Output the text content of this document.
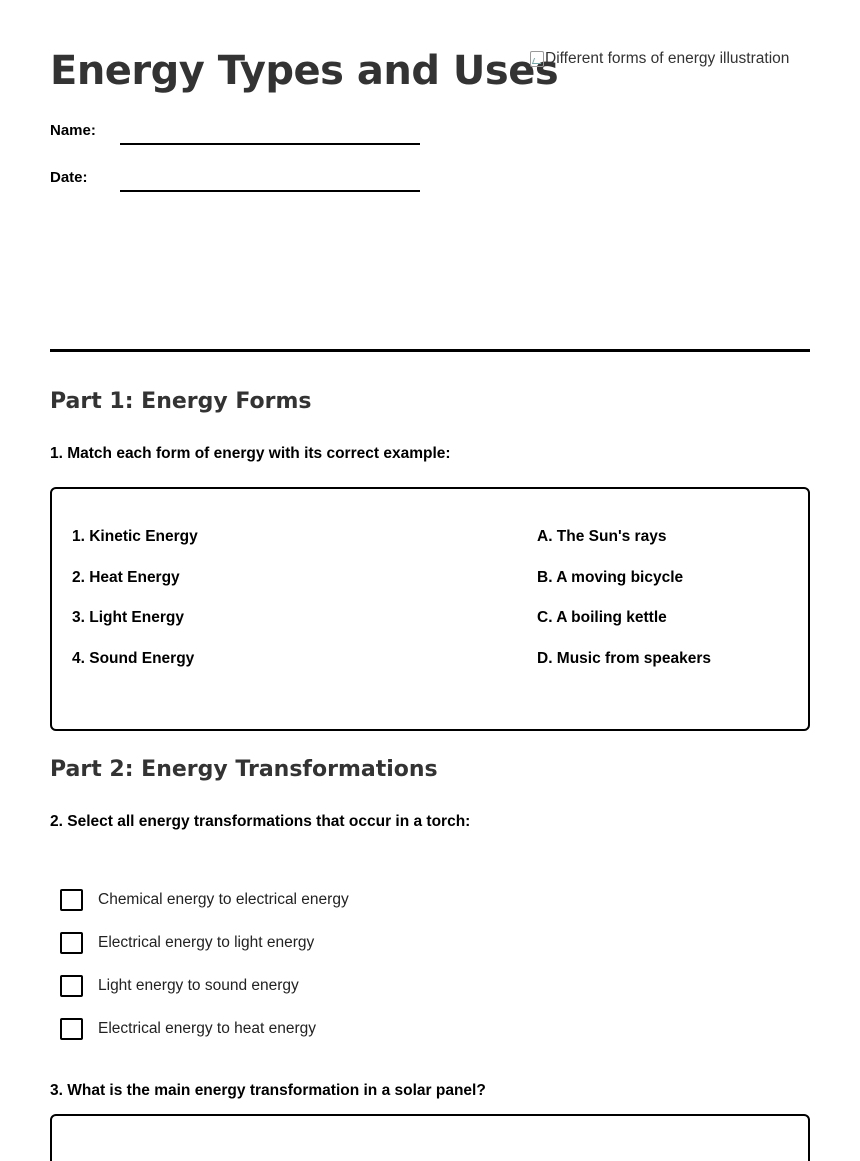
Energy Types and Uses
Different forms of energy illustration
Name:
Date:
Part 1: Energy Forms
1. Match each form of energy with its correct example:
1. Kinetic Energy
2. Heat Energy
3. Light Energy
4. Sound Energy
A. The Sun's rays
B. A moving bicycle
C. A boiling kettle
D. Music from speakers
Part 2: Energy Transformations
2. Select all energy transformations that occur in a torch:
Chemical energy to electrical energy
Electrical energy to light energy
Light energy to sound energy
Electrical energy to heat energy
3. What is the main energy transformation in a solar panel?
